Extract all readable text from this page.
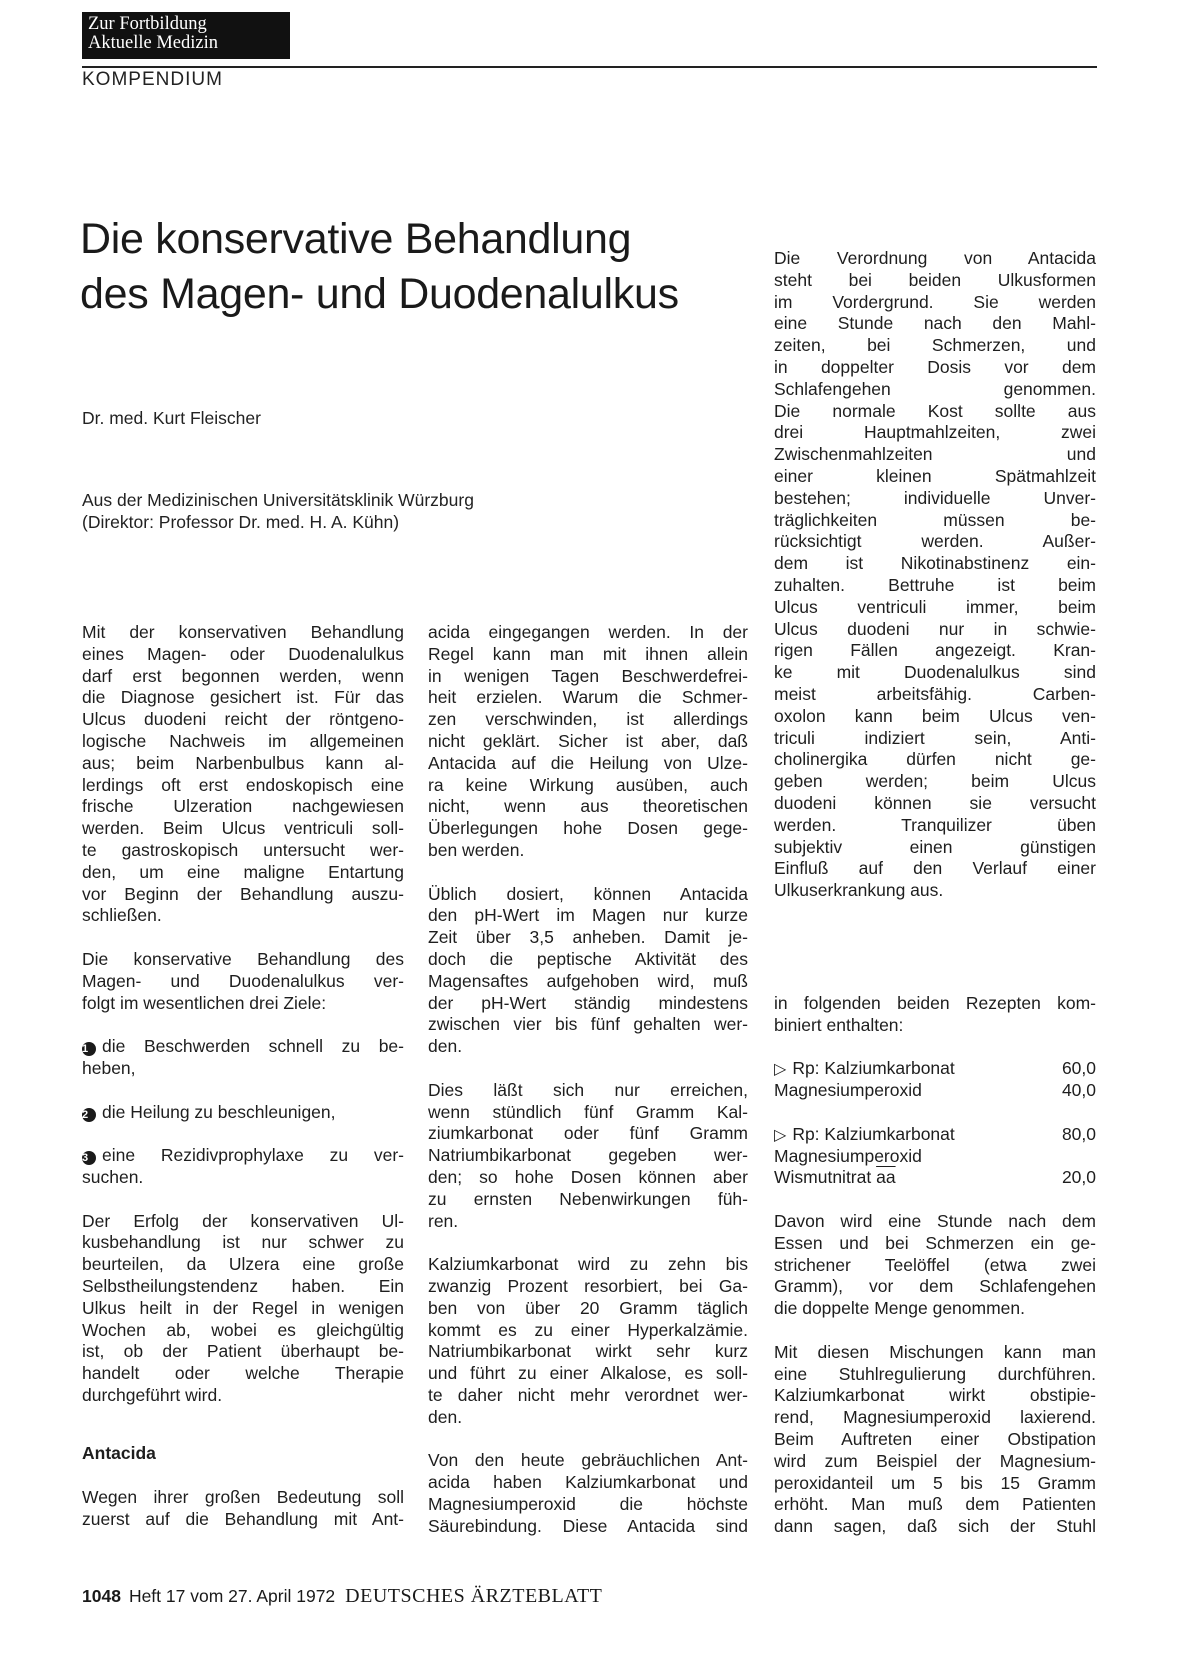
Zur Fortbildung
Aktuelle Medizin
KOMPENDIUM
Die konservative Behandlung
des Magen- und Duodenalulkus
Dr. med. Kurt Fleischer
Aus der Medizinischen Universitätsklinik Würzburg
(Direktor: Professor Dr. med. H. A. Kühn)

Mit der konservativen Behandlung
eines Magen- oder Duodenalulkus
darf erst begonnen werden, wenn
die Diagnose gesichert ist. Für das
Ulcus duodeni reicht der röntgeno-
logische Nachweis im allgemeinen
aus; beim Narbenbulbus kann al-
lerdings oft erst endoskopisch eine
frische Ulzeration nachgewiesen
werden. Beim Ulcus ventriculi soll-
te gastroskopisch untersucht wer-
den, um eine maligne Entartung
vor Beginn der Behandlung auszu-
schließen.

Die konservative Behandlung des
Magen- und Duodenalulkus ver-
folgt im wesentlichen drei Ziele:

1 die Beschwerden schnell zu be-
heben,

2 die Heilung zu beschleunigen,

3 eine Rezidivprophylaxe zu ver-
suchen.

Der Erfolg der konservativen Ul-
kusbehandlung ist nur schwer zu
beurteilen, da Ulzera eine große
Selbstheilungstendenz haben. Ein
Ulkus heilt in der Regel in wenigen
Wochen ab, wobei es gleichgültig
ist, ob der Patient überhaupt be-
handelt oder welche Therapie
durchgeführt wird.

Antacida

Wegen ihrer großen Bedeutung soll
zuerst auf die Behandlung mit Ant-

acida eingegangen werden. In der
Regel kann man mit ihnen allein
in wenigen Tagen Beschwerdefrei-
heit erzielen. Warum die Schmer-
zen verschwinden, ist allerdings
nicht geklärt. Sicher ist aber, daß
Antacida auf die Heilung von Ulze-
ra keine Wirkung ausüben, auch
nicht, wenn aus theoretischen
Überlegungen hohe Dosen gege-
ben werden.

Üblich dosiert, können Antacida
den pH-Wert im Magen nur kurze
Zeit über 3,5 anheben. Damit je-
doch die peptische Aktivität des
Magensaftes aufgehoben wird, muß
der pH-Wert ständig mindestens
zwischen vier bis fünf gehalten wer-
den.

Dies läßt sich nur erreichen,
wenn stündlich fünf Gramm Kal-
ziumkarbonat oder fünf Gramm
Natriumbikarbonat gegeben wer-
den; so hohe Dosen können aber
zu ernsten Nebenwirkungen füh-
ren.

Kalziumkarbonat wird zu zehn bis
zwanzig Prozent resorbiert, bei Ga-
ben von über 20 Gramm täglich
kommt es zu einer Hyperkalzämie.
Natriumbikarbonat wirkt sehr kurz
und führt zu einer Alkalose, es soll-
te daher nicht mehr verordnet wer-
den.

Von den heute gebräuchlichen Ant-
acida haben Kalziumkarbonat und
Magnesiumperoxid die höchste
Säurebindung. Diese Antacida sind

Die Verordnung von Antacida
steht bei beiden Ulkusformen
im Vordergrund. Sie werden
eine Stunde nach den Mahl-
zeiten, bei Schmerzen, und
in doppelter Dosis vor dem
Schlafengehen genommen.
Die normale Kost sollte aus
drei Hauptmahlzeiten, zwei
Zwischenmahlzeiten und
einer kleinen Spätmahlzeit
bestehen; individuelle Unver-
träglichkeiten müssen be-
rücksichtigt werden. Außer-
dem ist Nikotinabstinenz ein-
zuhalten. Bettruhe ist beim
Ulcus ventriculi immer, beim
Ulcus duodeni nur in schwie-
rigen Fällen angezeigt. Kran-
ke mit Duodenalulkus sind
meist arbeitsfähig. Carben-
oxolon kann beim Ulcus ven-
triculi indiziert sein, Anti-
cholinergika dürfen nicht ge-
geben werden; beim Ulcus
duodeni können sie versucht
werden. Tranquilizer üben
subjektiv einen günstigen
Einfluß auf den Verlauf einer
Ulkuserkrankung aus.

in folgenden beiden Rezepten kom-
biniert enthalten:

▷ Rp: Kalziumkarbonat	60,0
Magnesiumperoxid	40,0
▷ Rp: Kalziumkarbonat	80,0
Magnesiumperoxid
Wismutnitrat $\overline{aa}$	20,0

Davon wird eine Stunde nach dem
Essen und bei Schmerzen ein ge-
strichener Teelöffel (etwa zwei
Gramm), vor dem Schlafengehen
die doppelte Menge genommen.

Mit diesen Mischungen kann man
eine Stuhlregulierung durchführen.
Kalziumkarbonat wirkt obstipie-
rend, Magnesiumperoxid laxierend.
Beim Auftreten einer Obstipation
wird zum Beispiel der Magnesium-
peroxidanteil um 5 bis 15 Gramm
erhöht. Man muß dem Patienten
dann sagen, daß sich der Stuhl

1048 Heft 17 vom 27. April 1972 DEUTSCHES ÄRZTEBLATT
